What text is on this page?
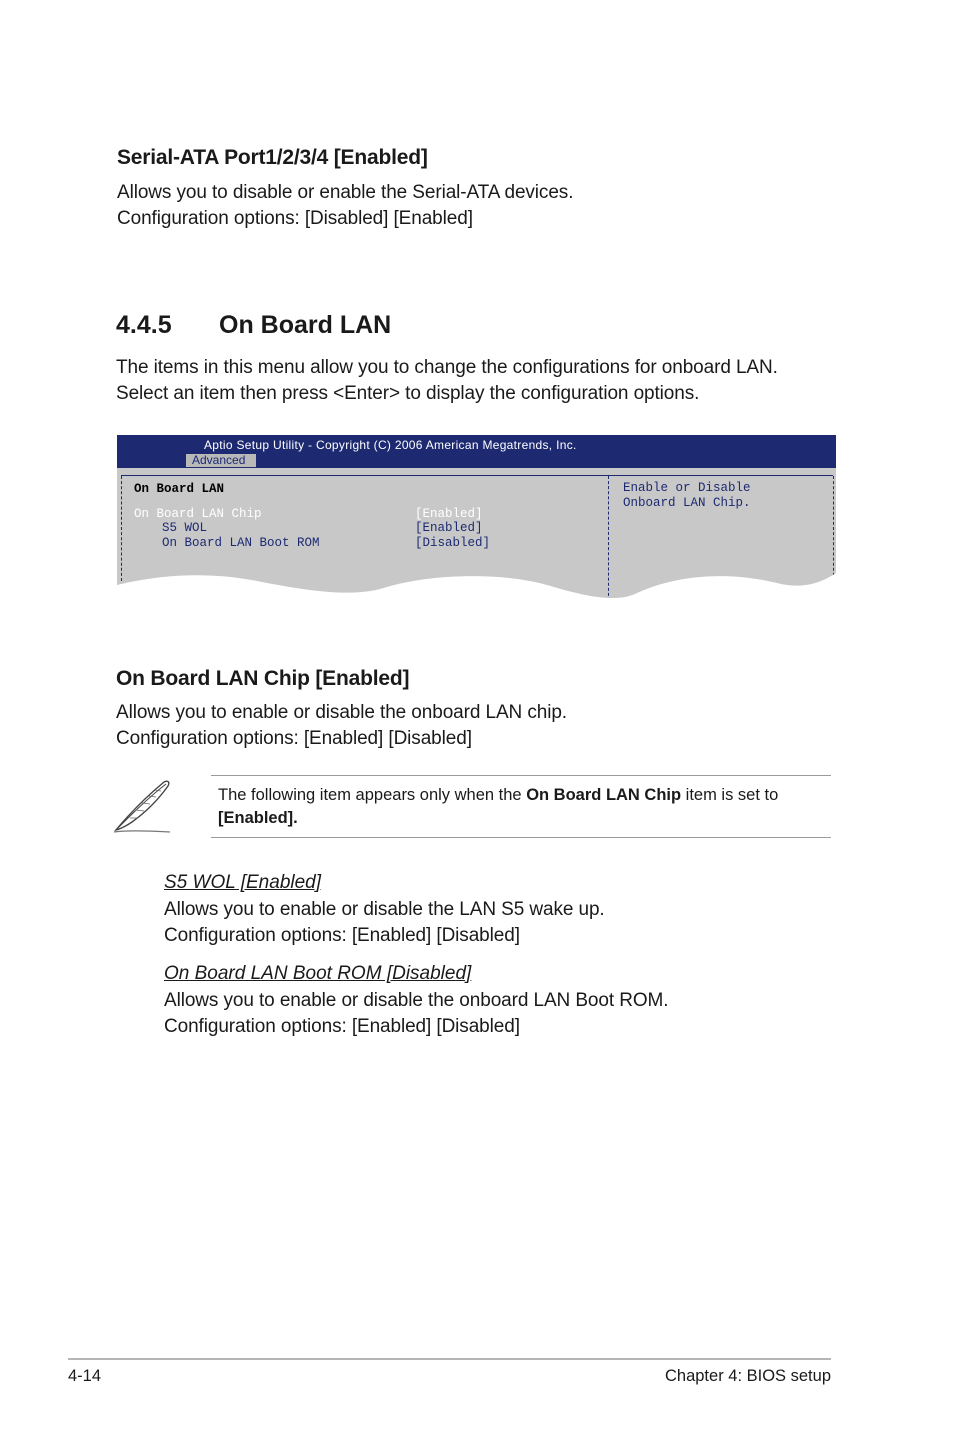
Serial-ATA Port1/2/3/4 [Enabled]
Allows you to disable or enable the Serial-ATA devices.
Configuration options: [Disabled] [Enabled]
4.4.5 On Board LAN
The items in this menu allow you to change the configurations for onboard LAN.
Select an item then press <Enter> to display the configuration options.
Aptio Setup Utility - Copyright (C) 2006 American Megatrends, Inc.
Advanced
On Board LAN
On Board LAN Chip	[Enabled]
S5 WOL	[Enabled]
On Board LAN Boot ROM	[Disabled]
Enable or Disable
Onboard LAN Chip.
On Board LAN Chip [Enabled]
Allows you to enable or disable the onboard LAN chip.
Configuration options: [Enabled] [Disabled]
The following item appears only when the On Board LAN Chip item is set to
[Enabled].
S5 WOL [Enabled]
Allows you to enable or disable the LAN S5 wake up.
Configuration options: [Enabled] [Disabled]
On Board LAN Boot ROM [Disabled]
Allows you to enable or disable the onboard LAN Boot ROM.
Configuration options: [Enabled] [Disabled]
4-14	Chapter 4: BIOS setup
